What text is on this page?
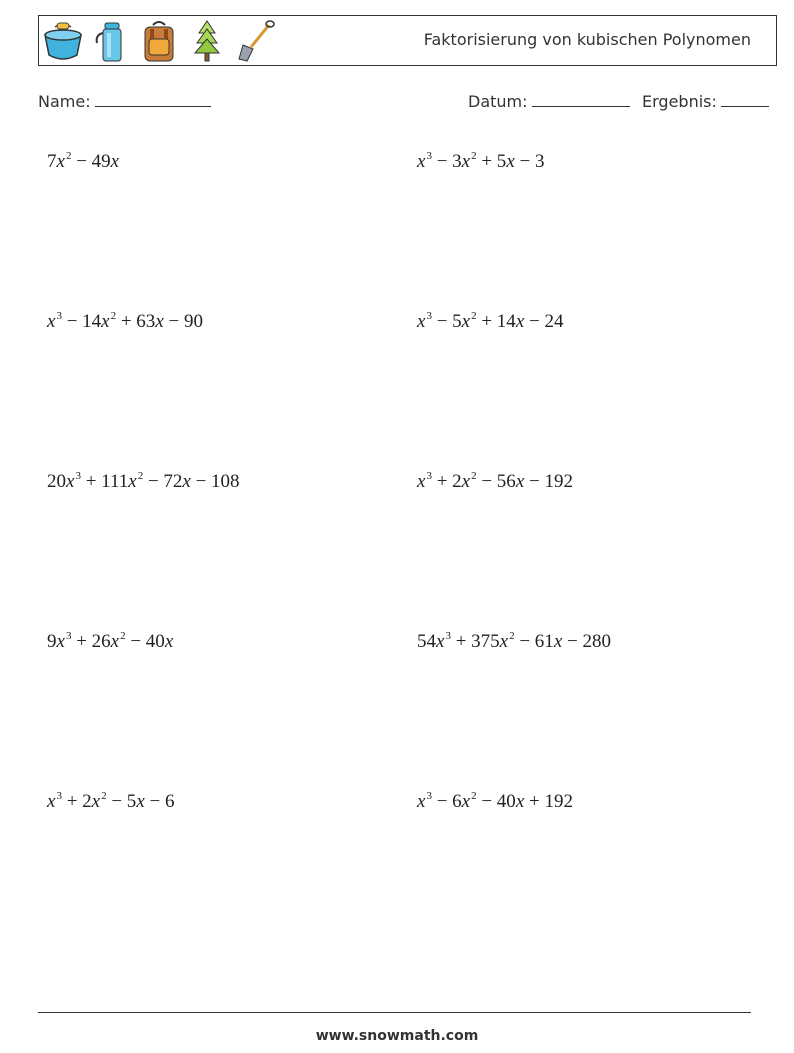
Faktorisierung von kubischen Polynomen
Name:	Datum:	Ergebnis:
$7x^2 - 49x$	$x^3 - 3x^2 + 5x - 3$
$x^3 - 14x^2 + 63x - 90$	$x^3 - 5x^2 + 14x - 24$
$20x^3 + 111x^2 - 72x - 108$	$x^3 + 2x^2 - 56x - 192$
$9x^3 + 26x^2 - 40x$	$54x^3 + 375x^2 - 61x - 280$
$x^3 + 2x^2 - 5x - 6$	$x^3 - 6x^2 - 40x + 192$
www.snowmath.com
